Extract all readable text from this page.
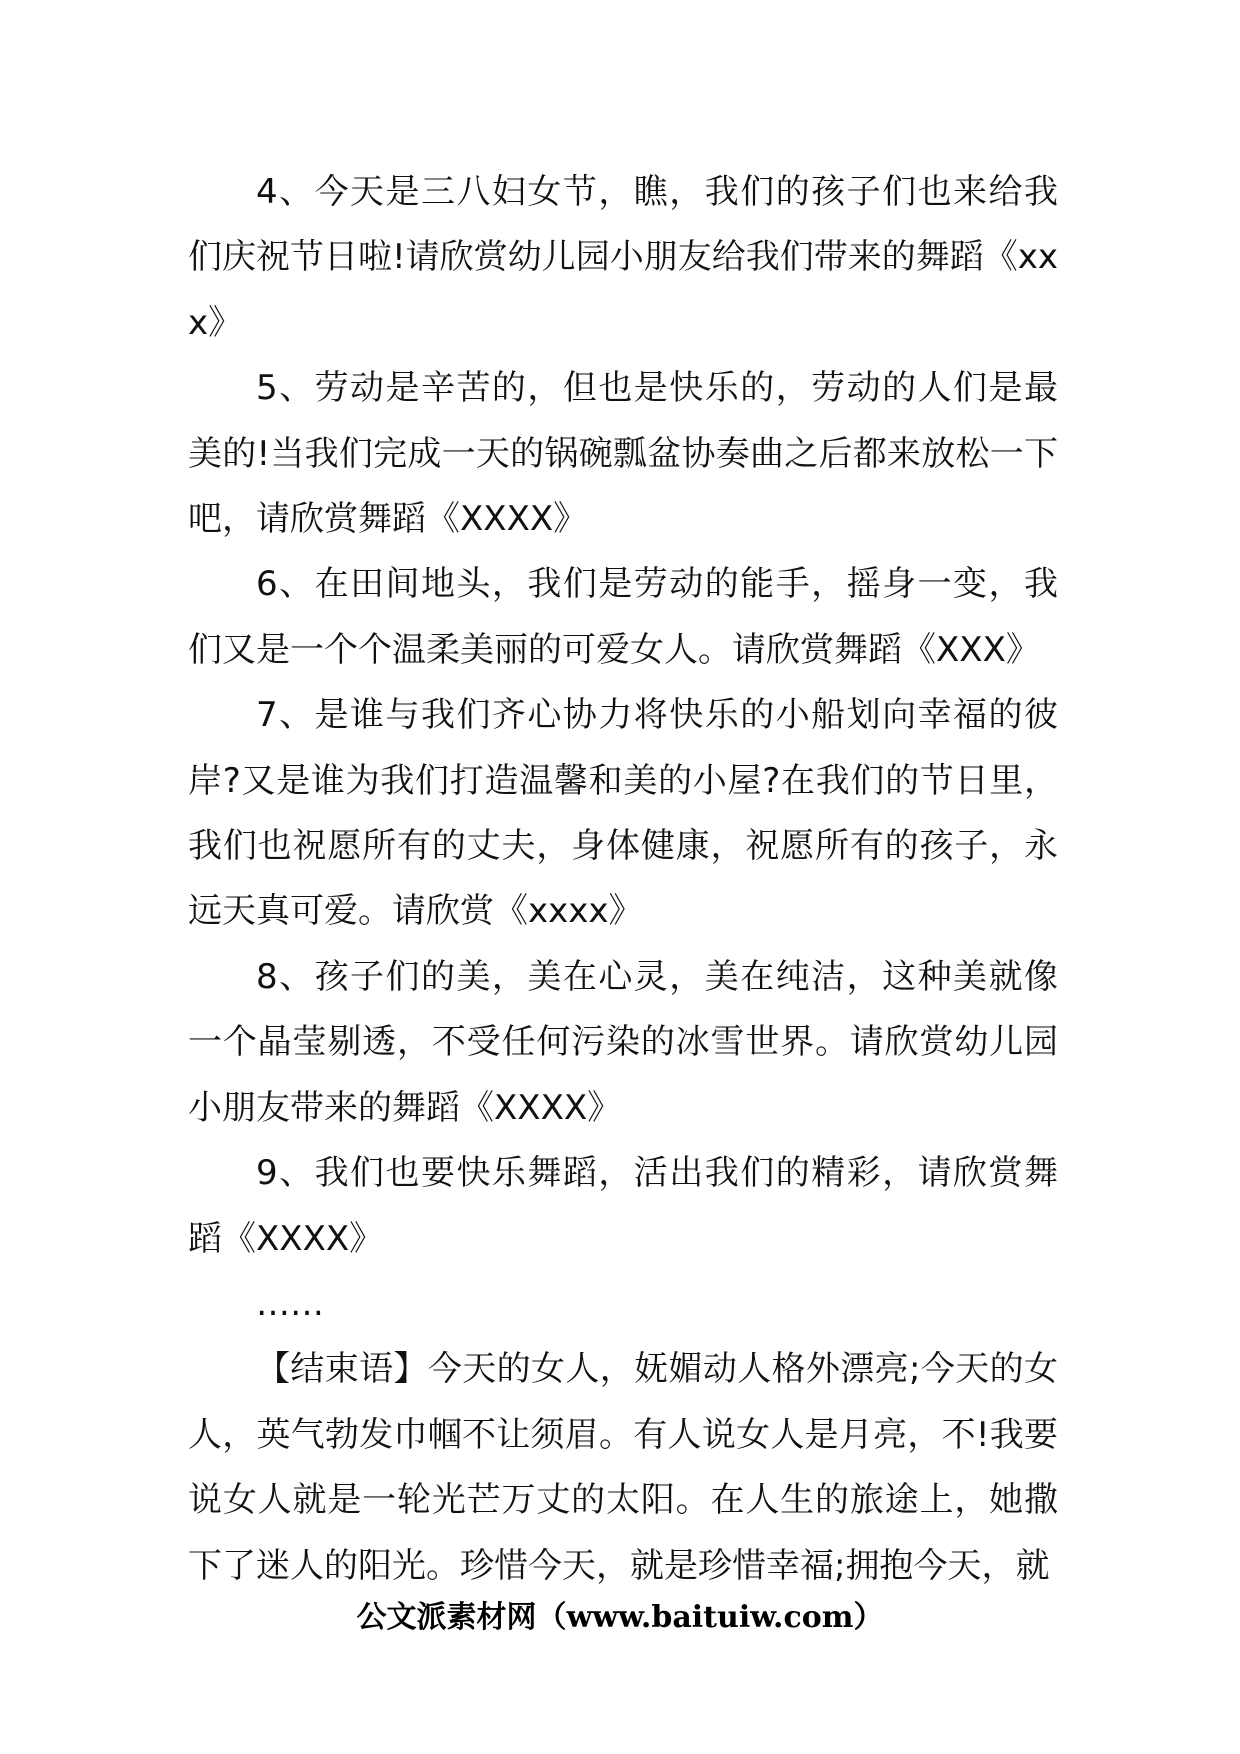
4、今天是三八妇女节，瞧，我们的孩子们也来给我们庆祝节日啦!请欣赏幼儿园小朋友给我们带来的舞蹈《xxx》

5、劳动是辛苦的，但也是快乐的，劳动的人们是最美的!当我们完成一天的锅碗瓢盆协奏曲之后都来放松一下吧，请欣赏舞蹈《XXXX》

6、在田间地头，我们是劳动的能手，摇身一变，我们又是一个个温柔美丽的可爱女人。请欣赏舞蹈《XXX》

7、是谁与我们齐心协力将快乐的小船划向幸福的彼岸?又是谁为我们打造温馨和美的小屋?在我们的节日里，我们也祝愿所有的丈夫，身体健康，祝愿所有的孩子，永远天真可爱。请欣赏《xxxx》

8、孩子们的美，美在心灵，美在纯洁，这种美就像一个晶莹剔透，不受任何污染的冰雪世界。请欣赏幼儿园小朋友带来的舞蹈《XXXX》

9、我们也要快乐舞蹈，活出我们的精彩，请欣赏舞蹈《XXXX》

……

【结束语】今天的女人，妩媚动人格外漂亮;今天的女人，英气勃发巾帼不让须眉。有人说女人是月亮，不!我要说女人就是一轮光芒万丈的太阳。在人生的旅途上，她撒下了迷人的阳光。珍惜今天，就是珍惜幸福;拥抱今天，就

公文派素材网（www.baituiw.com）
